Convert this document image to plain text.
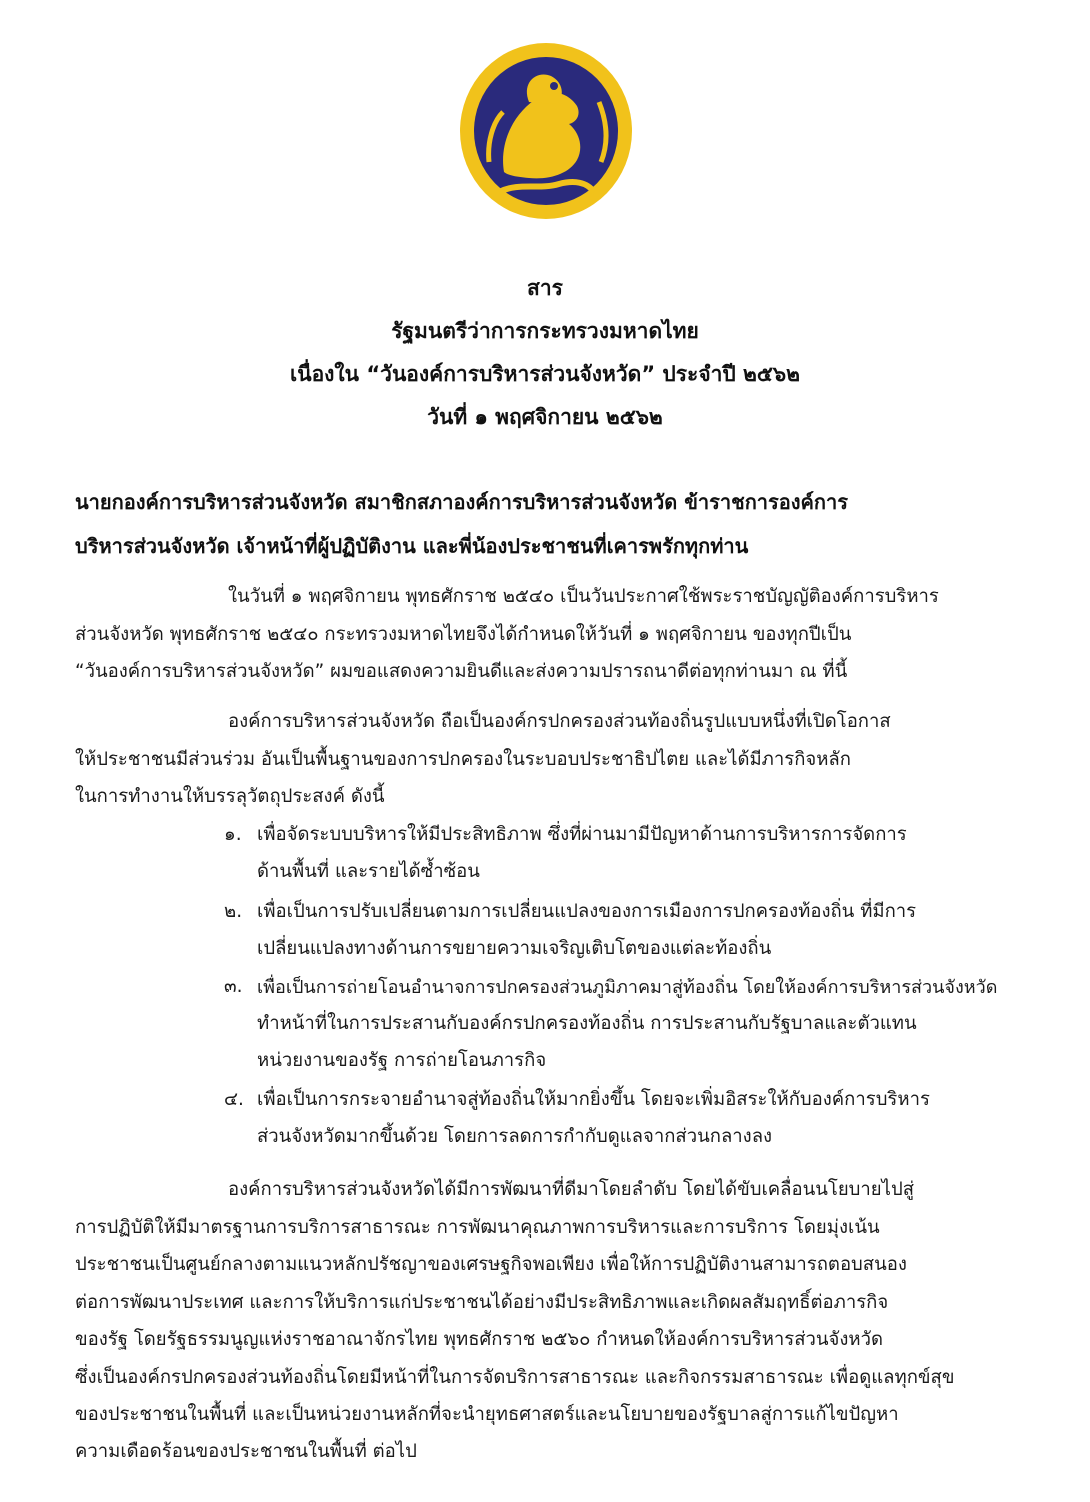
สาร
รัฐมนตรีว่าการกระทรวงมหาดไทย
เนื่องใน “วันองค์การบริหารส่วนจังหวัด” ประจำปี ๒๕๖๒
วันที่ ๑ พฤศจิกายน ๒๕๖๒
นายกองค์การบริหารส่วนจังหวัด สมาชิกสภาองค์การบริหารส่วนจังหวัด ข้าราชการองค์การ
บริหารส่วนจังหวัด เจ้าหน้าที่ผู้ปฏิบัติงาน และพี่น้องประชาชนที่เคารพรักทุกท่าน
ในวันที่ ๑ พฤศจิกายน พุทธศักราช ๒๕๔๐ เป็นวันประกาศใช้พระราชบัญญัติองค์การบริหาร
ส่วนจังหวัด พุทธศักราช ๒๕๔๐ กระทรวงมหาดไทยจึงได้กำหนดให้วันที่ ๑ พฤศจิกายน ของทุกปีเป็น
“วันองค์การบริหารส่วนจังหวัด” ผมขอแสดงความยินดีและส่งความปรารถนาดีต่อทุกท่านมา ณ ที่นี้
องค์การบริหารส่วนจังหวัด ถือเป็นองค์กรปกครองส่วนท้องถิ่นรูปแบบหนึ่งที่เปิดโอกาส
ให้ประชาชนมีส่วนร่วม อันเป็นพื้นฐานของการปกครองในระบอบประชาธิปไตย และได้มีภารกิจหลัก
ในการทำงานให้บรรลุวัตถุประสงค์ ดังนี้
๑. เพื่อจัดระบบบริหารให้มีประสิทธิภาพ ซึ่งที่ผ่านมามีปัญหาด้านการบริหารการจัดการ
ด้านพื้นที่ และรายได้ซ้ำซ้อน
๒. เพื่อเป็นการปรับเปลี่ยนตามการเปลี่ยนแปลงของการเมืองการปกครองท้องถิ่น ที่มีการ
เปลี่ยนแปลงทางด้านการขยายความเจริญเติบโตของแต่ละท้องถิ่น
๓. เพื่อเป็นการถ่ายโอนอำนาจการปกครองส่วนภูมิภาคมาสู่ท้องถิ่น โดยให้องค์การบริหารส่วนจังหวัด
ทำหน้าที่ในการประสานกับองค์กรปกครองท้องถิ่น การประสานกับรัฐบาลและตัวแทน
หน่วยงานของรัฐ การถ่ายโอนภารกิจ
๔. เพื่อเป็นการกระจายอำนาจสู่ท้องถิ่นให้มากยิ่งขึ้น โดยจะเพิ่มอิสระให้กับองค์การบริหาร
ส่วนจังหวัดมากขึ้นด้วย โดยการลดการกำกับดูแลจากส่วนกลางลง
องค์การบริหารส่วนจังหวัดได้มีการพัฒนาที่ดีมาโดยลำดับ โดยได้ขับเคลื่อนนโยบายไปสู่
การปฏิบัติให้มีมาตรฐานการบริการสาธารณะ การพัฒนาคุณภาพการบริหารและการบริการ โดยมุ่งเน้น
ประชาชนเป็นศูนย์กลางตามแนวหลักปรัชญาของเศรษฐกิจพอเพียง เพื่อให้การปฏิบัติงานสามารถตอบสนอง
ต่อการพัฒนาประเทศ และการให้บริการแก่ประชาชนได้อย่างมีประสิทธิภาพและเกิดผลสัมฤทธิ์ต่อภารกิจ
ของรัฐ โดยรัฐธรรมนูญแห่งราชอาณาจักรไทย พุทธศักราช ๒๕๖๐ กำหนดให้องค์การบริหารส่วนจังหวัด
ซึ่งเป็นองค์กรปกครองส่วนท้องถิ่นโดยมีหน้าที่ในการจัดบริการสาธารณะ และกิจกรรมสาธารณะ เพื่อดูแลทุกข์สุข
ของประชาชนในพื้นที่ และเป็นหน่วยงานหลักที่จะนำยุทธศาสตร์และนโยบายของรัฐบาลสู่การแก้ไขปัญหา
ความเดือดร้อนของประชาชนในพื้นที่ ต่อไป
